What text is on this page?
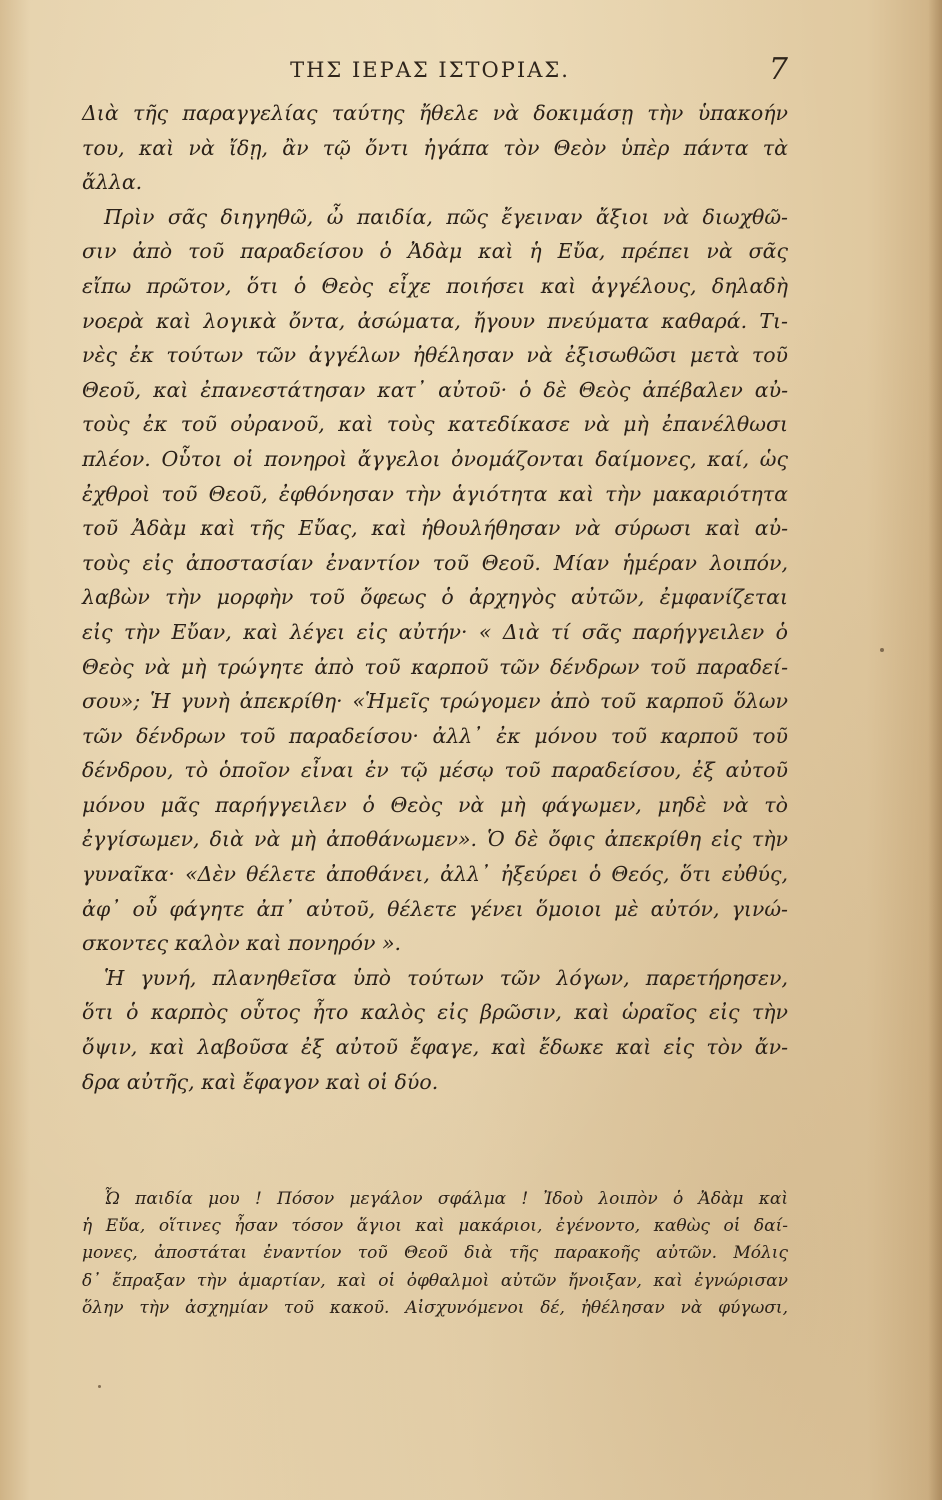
ΤΗΣ ΙΕΡΑΣ ΙΣΤΟΡΙΑΣ.	7
Διὰ τῆς παραγγελίας ταύτης ἤθελε νὰ δοκιμάσῃ τὴν ὑπακοήν
του, καὶ νὰ ἴδῃ, ἂν τῷ ὄντι ἠγάπα τὸν Θεὸν ὑπὲρ πάντα τὰ
ἄλλα.
Πρὶν σᾶς διηγηθῶ, ὦ παιδία, πῶς ἔγειναν ἄξιοι νὰ διωχθῶ-
σιν ἀπὸ τοῦ παραδείσου ὁ Ἀδὰμ καὶ ἡ Εὔα, πρέπει νὰ σᾶς
εἴπω πρῶτον, ὅτι ὁ Θεὸς εἶχε ποιήσει καὶ ἀγγέλους, δηλαδὴ
νοερὰ καὶ λογικὰ ὄντα, ἀσώματα, ἤγουν πνεύματα καθαρά. Τι-
νὲς ἐκ τούτων τῶν ἀγγέλων ἠθέλησαν νὰ ἐξισωθῶσι μετὰ τοῦ
Θεοῦ, καὶ ἐπανεστάτησαν κατ᾿ αὐτοῦ· ὁ δὲ Θεὸς ἀπέβαλεν αὐ-
τοὺς ἐκ τοῦ οὐρανοῦ, καὶ τοὺς κατεδίκασε νὰ μὴ ἐπανέλθωσι
πλέον. Οὗτοι οἱ πονηροὶ ἄγγελοι ὀνομάζονται δαίμονες, καί, ὡς
ἐχθροὶ τοῦ Θεοῦ, ἐφθόνησαν τὴν ἁγιότητα καὶ τὴν μακαριότητα
τοῦ Ἀδὰμ καὶ τῆς Εὔας, καὶ ἠθουλήθησαν νὰ σύρωσι καὶ αὐ-
τοὺς εἰς ἀποστασίαν ἐναντίον τοῦ Θεοῦ. Μίαν ἡμέραν λοιπόν,
λαβὼν τὴν μορφὴν τοῦ ὄφεως ὁ ἀρχηγὸς αὐτῶν, ἐμφανίζεται
εἰς τὴν Εὔαν, καὶ λέγει εἰς αὐτήν· « Διὰ τί σᾶς παρήγγειλεν ὁ
Θεὸς νὰ μὴ τρώγητε ἀπὸ τοῦ καρποῦ τῶν δένδρων τοῦ παραδεί-
σου»; Ἡ γυνὴ ἀπεκρίθη· «Ἡμεῖς τρώγομεν ἀπὸ τοῦ καρποῦ ὅλων
τῶν δένδρων τοῦ παραδείσου· ἀλλ᾿ ἐκ μόνου τοῦ καρποῦ τοῦ
δένδρου, τὸ ὁποῖον εἶναι ἐν τῷ μέσῳ τοῦ παραδείσου, ἐξ αὐτοῦ
μόνου μᾶς παρήγγειλεν ὁ Θεὸς νὰ μὴ φάγωμεν, μηδὲ νὰ τὸ
ἐγγίσωμεν, διὰ νὰ μὴ ἀποθάνωμεν». Ὁ δὲ ὄφις ἀπεκρίθη εἰς τὴν
γυναῖκα· «Δὲν θέλετε ἀποθάνει, ἀλλ᾿ ἠξεύρει ὁ Θεός, ὅτι εὐθύς,
ἀφ᾿ οὗ φάγητε ἀπ᾿ αὐτοῦ, θέλετε γένει ὅμοιοι μὲ αὐτόν, γινώ-
σκοντες καλὸν καὶ πονηρόν ».
Ἡ γυνή, πλανηθεῖσα ὑπὸ τούτων τῶν λόγων, παρετήρησεν,
ὅτι ὁ καρπὸς οὗτος ἦτο καλὸς εἰς βρῶσιν, καὶ ὡραῖος εἰς τὴν
ὄψιν, καὶ λαβοῦσα ἐξ αὐτοῦ ἔφαγε, καὶ ἔδωκε καὶ εἰς τὸν ἄν-
δρα αὐτῆς, καὶ ἔφαγον καὶ οἱ δύο.
Ὦ παιδία μου ! Πόσον μεγάλον σφάλμα ! Ἰδοὺ λοιπὸν ὁ Ἀδὰμ καὶ
ἡ Εὔα, οἵτινες ἦσαν τόσον ἅγιοι καὶ μακάριοι, ἐγένοντο, καθὼς οἱ δαί-
μονες, ἀποστάται ἐναντίον τοῦ Θεοῦ διὰ τῆς παρακοῆς αὐτῶν. Μόλις
δ᾿ ἔπραξαν τὴν ἁμαρτίαν, καὶ οἱ ὀφθαλμοὶ αὐτῶν ἤνοιξαν, καὶ ἐγνώρισαν
ὅλην τὴν ἀσχημίαν τοῦ κακοῦ. Αἰσχυνόμενοι δέ, ἠθέλησαν νὰ φύγωσι,
